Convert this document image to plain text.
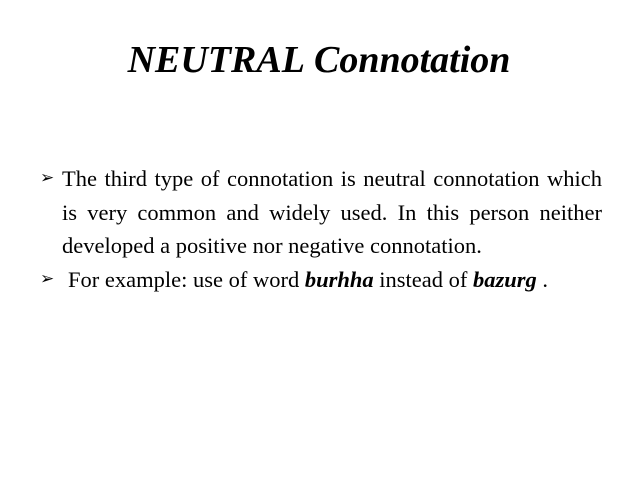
NEUTRAL Connotation
➢ The third type of connotation is neutral connotation which is very common and widely used. In this person neither developed a positive nor negative connotation.
➢ For example: use of word burhha instead of bazurg .
